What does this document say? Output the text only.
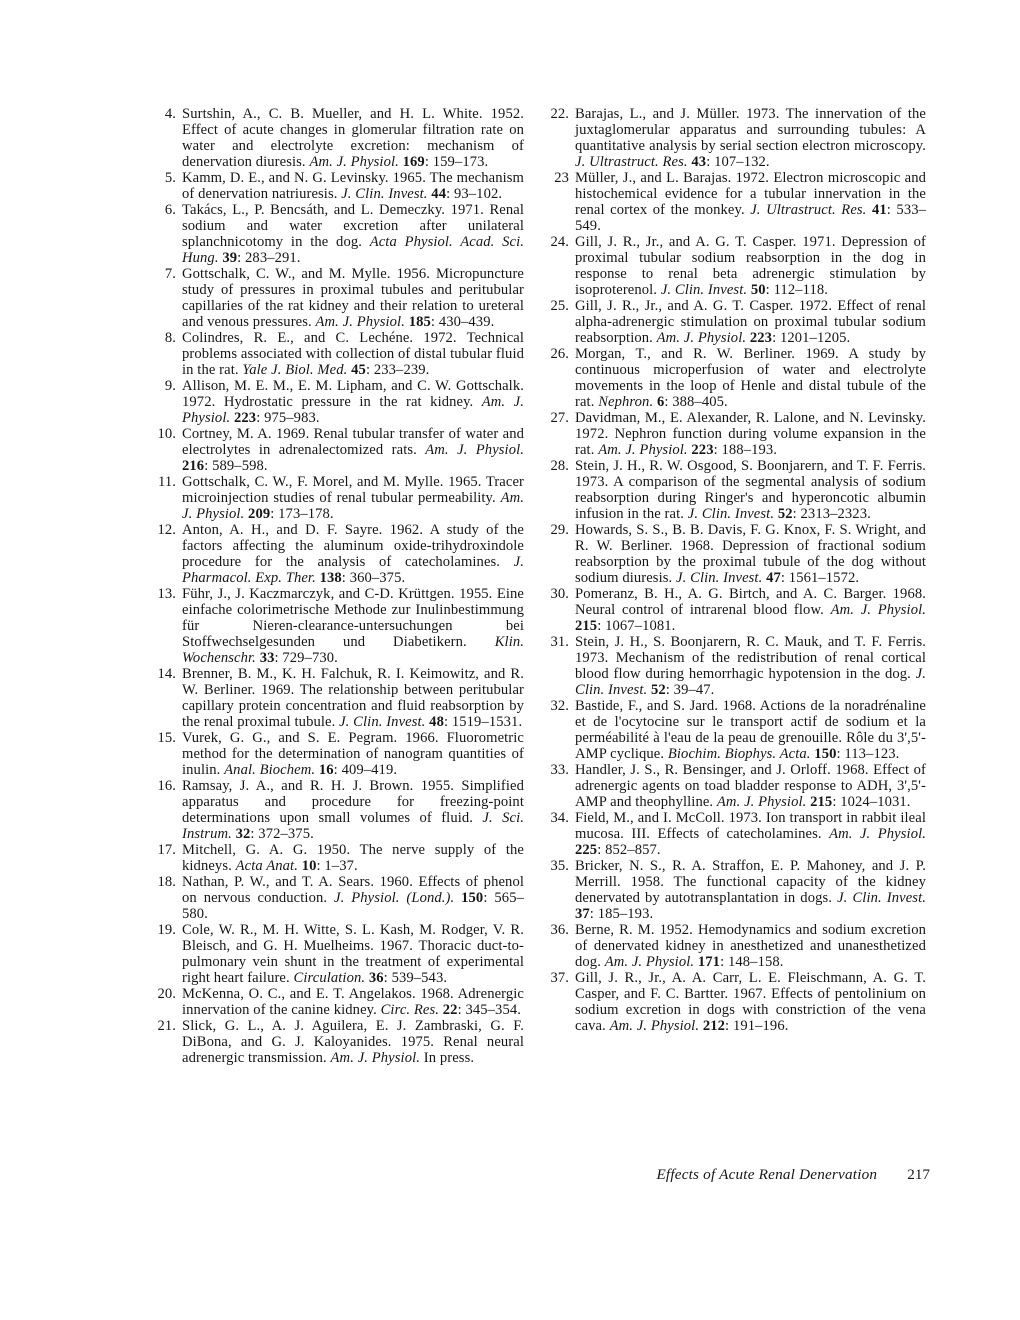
4. Surtshin, A., C. B. Mueller, and H. L. White. 1952. Effect of acute changes in glomerular filtration rate on water and electrolyte excretion: mechanism of denervation diuresis. Am. J. Physiol. 169: 159–173.
5. Kamm, D. E., and N. G. Levinsky. 1965. The mechanism of denervation natriuresis. J. Clin. Invest. 44: 93–102.
6. Takács, L., P. Bencsáth, and L. Demeczky. 1971. Renal sodium and water excretion after unilateral splanchnicotomy in the dog. Acta Physiol. Acad. Sci. Hung. 39: 283–291.
7. Gottschalk, C. W., and M. Mylle. 1956. Micropuncture study of pressures in proximal tubules and peritubular capillaries of the rat kidney and their relation to ureteral and venous pressures. Am. J. Physiol. 185: 430–439.
8. Colindres, R. E., and C. Lechéne. 1972. Technical problems associated with collection of distal tubular fluid in the rat. Yale J. Biol. Med. 45: 233–239.
9. Allison, M. E. M., E. M. Lipham, and C. W. Gottschalk. 1972. Hydrostatic pressure in the rat kidney. Am. J. Physiol. 223: 975–983.
10. Cortney, M. A. 1969. Renal tubular transfer of water and electrolytes in adrenalectomized rats. Am. J. Physiol. 216: 589–598.
11. Gottschalk, C. W., F. Morel, and M. Mylle. 1965. Tracer microinjection studies of renal tubular permeability. Am. J. Physiol. 209: 173–178.
12. Anton, A. H., and D. F. Sayre. 1962. A study of the factors affecting the aluminum oxide-trihydroxindole procedure for the analysis of catecholamines. J. Pharmacol. Exp. Ther. 138: 360–375.
13. Führ, J., J. Kaczmarczyk, and C-D. Krüttgen. 1955. Eine einfache colorimetrische Methode zur Inulinbestimmung für Nieren-clearance-untersuchungen bei Stoffwechselgesunden und Diabetikern. Klin. Wochenschr. 33: 729–730.
14. Brenner, B. M., K. H. Falchuk, R. I. Keimowitz, and R. W. Berliner. 1969. The relationship between peritubular capillary protein concentration and fluid reabsorption by the renal proximal tubule. J. Clin. Invest. 48: 1519–1531.
15. Vurek, G. G., and S. E. Pegram. 1966. Fluorometric method for the determination of nanogram quantities of inulin. Anal. Biochem. 16: 409–419.
16. Ramsay, J. A., and R. H. J. Brown. 1955. Simplified apparatus and procedure for freezing-point determinations upon small volumes of fluid. J. Sci. Instrum. 32: 372–375.
17. Mitchell, G. A. G. 1950. The nerve supply of the kidneys. Acta Anat. 10: 1–37.
18. Nathan, P. W., and T. A. Sears. 1960. Effects of phenol on nervous conduction. J. Physiol. (Lond.). 150: 565–580.
19. Cole, W. R., M. H. Witte, S. L. Kash, M. Rodger, V. R. Bleisch, and G. H. Muelheims. 1967. Thoracic duct-to-pulmonary vein shunt in the treatment of experimental right heart failure. Circulation. 36: 539–543.
20. McKenna, O. C., and E. T. Angelakos. 1968. Adrenergic innervation of the canine kidney. Circ. Res. 22: 345–354.
21. Slick, G. L., A. J. Aguilera, E. J. Zambraski, G. F. DiBona, and G. J. Kaloyanides. 1975. Renal neural adrenergic transmission. Am. J. Physiol. In press.
22. Barajas, L., and J. Müller. 1973. The innervation of the juxtaglomerular apparatus and surrounding tubules: A quantitative analysis by serial section electron microscopy. J. Ultrastruct. Res. 43: 107–132.
23 Müller, J., and L. Barajas. 1972. Electron microscopic and histochemical evidence for a tubular innervation in the renal cortex of the monkey. J. Ultrastruct. Res. 41: 533–549.
24. Gill, J. R., Jr., and A. G. T. Casper. 1971. Depression of proximal tubular sodium reabsorption in the dog in response to renal beta adrenergic stimulation by isoproterenol. J. Clin. Invest. 50: 112–118.
25. Gill, J. R., Jr., and A. G. T. Casper. 1972. Effect of renal alpha-adrenergic stimulation on proximal tubular sodium reabsorption. Am. J. Physiol. 223: 1201–1205.
26. Morgan, T., and R. W. Berliner. 1969. A study by continuous microperfusion of water and electrolyte movements in the loop of Henle and distal tubule of the rat. Nephron. 6: 388–405.
27. Davidman, M., E. Alexander, R. Lalone, and N. Levinsky. 1972. Nephron function during volume expansion in the rat. Am. J. Physiol. 223: 188–193.
28. Stein, J. H., R. W. Osgood, S. Boonjarern, and T. F. Ferris. 1973. A comparison of the segmental analysis of sodium reabsorption during Ringer's and hyperoncotic albumin infusion in the rat. J. Clin. Invest. 52: 2313–2323.
29. Howards, S. S., B. B. Davis, F. G. Knox, F. S. Wright, and R. W. Berliner. 1968. Depression of fractional sodium reabsorption by the proximal tubule of the dog without sodium diuresis. J. Clin. Invest. 47: 1561–1572.
30. Pomeranz, B. H., A. G. Birtch, and A. C. Barger. 1968. Neural control of intrarenal blood flow. Am. J. Physiol. 215: 1067–1081.
31. Stein, J. H., S. Boonjarern, R. C. Mauk, and T. F. Ferris. 1973. Mechanism of the redistribution of renal cortical blood flow during hemorrhagic hypotension in the dog. J. Clin. Invest. 52: 39–47.
32. Bastide, F., and S. Jard. 1968. Actions de la noradrénaline et de l'ocytocine sur le transport actif de sodium et la perméabilité à l'eau de la peau de grenouille. Rôle du 3',5'-AMP cyclique. Biochim. Biophys. Acta. 150: 113–123.
33. Handler, J. S., R. Bensinger, and J. Orloff. 1968. Effect of adrenergic agents on toad bladder response to ADH, 3',5'-AMP and theophylline. Am. J. Physiol. 215: 1024–1031.
34. Field, M., and I. McColl. 1973. Ion transport in rabbit ileal mucosa. III. Effects of catecholamines. Am. J. Physiol. 225: 852–857.
35. Bricker, N. S., R. A. Straffon, E. P. Mahoney, and J. P. Merrill. 1958. The functional capacity of the kidney denervated by autotransplantation in dogs. J. Clin. Invest. 37: 185–193.
36. Berne, R. M. 1952. Hemodynamics and sodium excretion of denervated kidney in anesthetized and unanesthetized dog. Am. J. Physiol. 171: 148–158.
37. Gill, J. R., Jr., A. A. Carr, L. E. Fleischmann, A. G. T. Casper, and F. C. Bartter. 1967. Effects of pentolinium on sodium excretion in dogs with constriction of the vena cava. Am. J. Physiol. 212: 191–196.
Effects of Acute Renal Denervation 217
